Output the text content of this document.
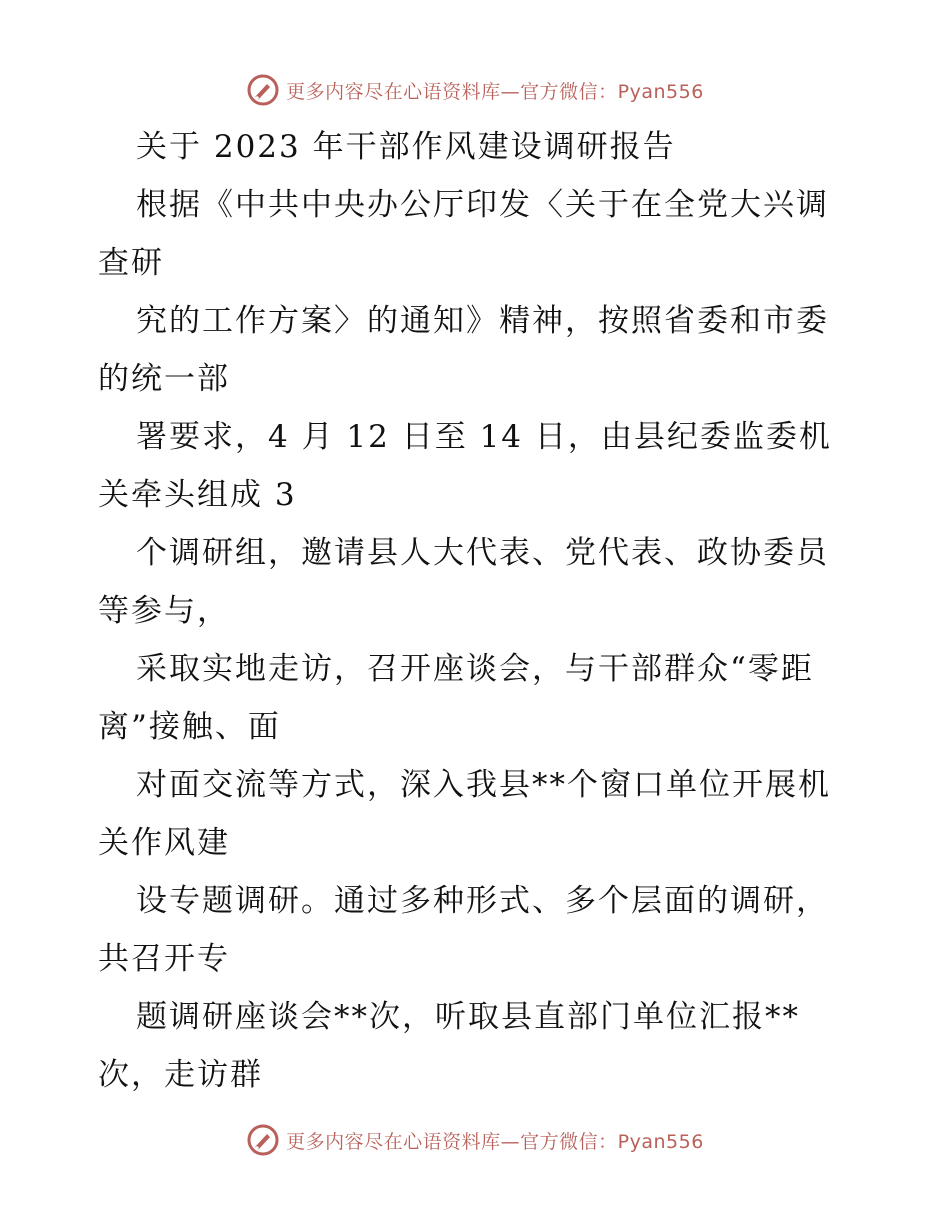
更多内容尽在心语资料库—官方微信：Pyan556
关于 2023 年干部作风建设调研报告
根据《中共中央办公厅印发〈关于在全党大兴调
查研
究的工作方案〉的通知》精神，按照省委和市委
的统一部
署要求，4 月 12 日至 14 日，由县纪委监委机
关牵头组成 3
个调研组，邀请县人大代表、党代表、政协委员
等参与，
采取实地走访，召开座谈会，与干部群众“零距
离”接触、面
对面交流等方式，深入我县**个窗口单位开展机
关作风建
设专题调研。通过多种形式、多个层面的调研，
共召开专
题调研座谈会**次，听取县直部门单位汇报**
次，走访群
更多内容尽在心语资料库—官方微信：Pyan556
